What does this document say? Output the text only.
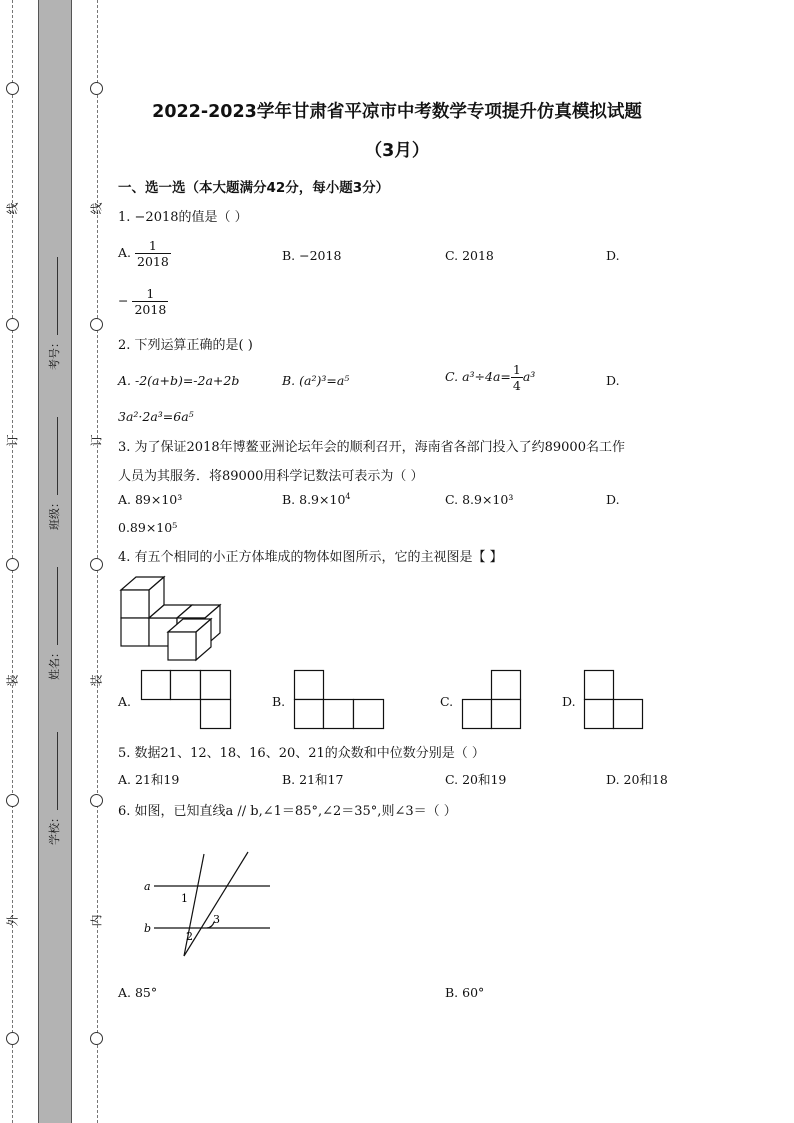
线
订
装
外
线
订
装
内
考号：
班级：
姓名：
学校：
2022-2023学年甘肃省平凉市中考数学专项提升仿真模拟试题
（3月）
一、选一选（本大题满分42分，每小题3分）
1. −2018的值是（ ）
A. $\frac{1}{2018}$	B. −2018	C. 2018	D.
− $\frac{1}{2018}$
2. 下列运算正确的是( )
A. -2(a+b)=-2a+2b	B. (a²)³=a⁵	C. $a^3\div 4a= \frac{1}{4} a^3$	D.
3a²·2a³=6a⁵
3. 为了保证2018年博鳌亚洲论坛年会的顺利召开，海南省各部门投入了约89000名工作
人员为其服务．将89000用科学记数法可表示为（ ）
A. 89×10³	B. $8.9\times 10^4$	C. 8.9×10³	D.
0.89×10⁵
4. 有五个相同的小正方体堆成的物体如图所示，它的主视图是【 】
A.	B.	C.	D.
5. 数据21、12、18、16、20、21的众数和中位数分别是（ ）
A. 21和19	B. 21和17	C. 20和19	D. 20和18
6. 如图，已知直线a // b,∠1＝85°,∠2＝35°,则∠3＝（ ）
a
b
1
2
3
A. 85°	B. 60°
